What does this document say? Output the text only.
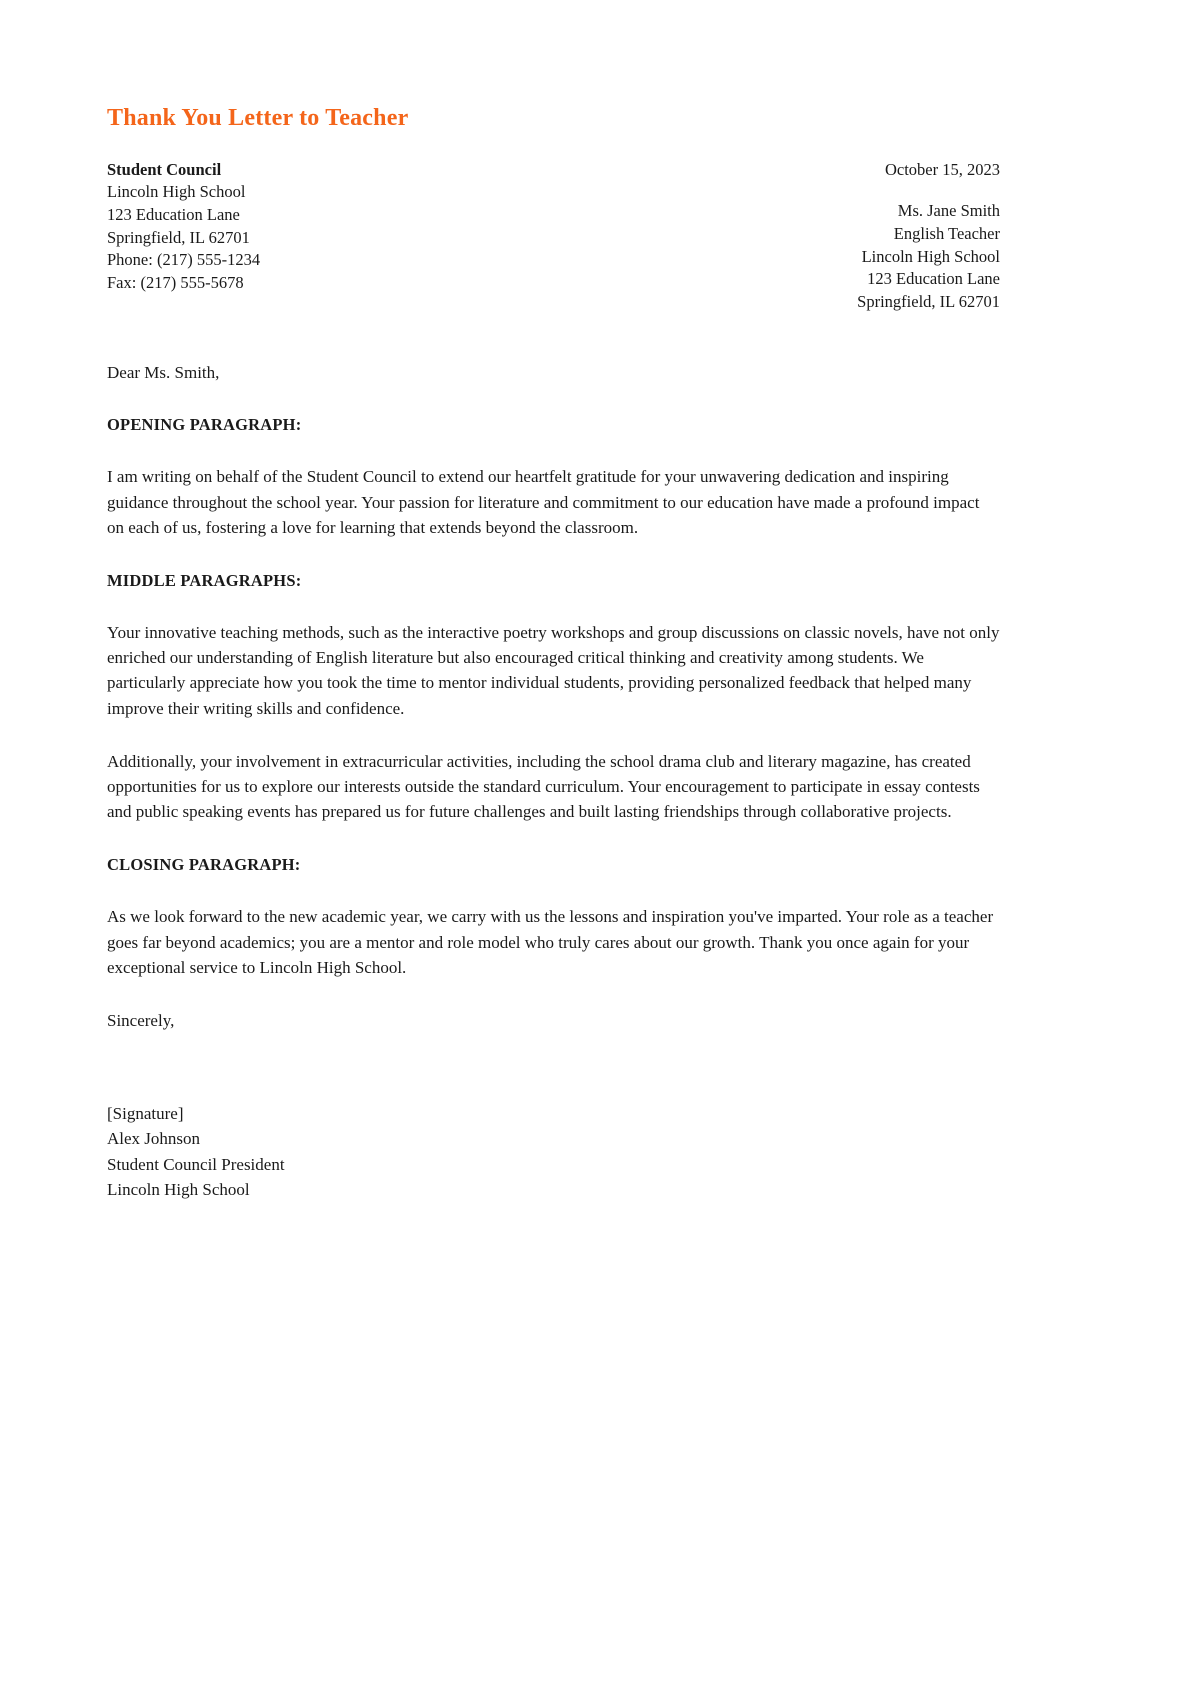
Thank You Letter to Teacher
Student Council
Lincoln High School
123 Education Lane
Springfield, IL 62701
Phone: (217) 555-1234
Fax: (217) 555-5678
October 15, 2023
Ms. Jane Smith
English Teacher
Lincoln High School
123 Education Lane
Springfield, IL 62701

Dear Ms. Smith,

OPENING PARAGRAPH:

I am writing on behalf of the Student Council to extend our heartfelt gratitude for your unwavering dedication and inspiring guidance throughout the school year. Your passion for literature and commitment to our education have made a profound impact on each of us, fostering a love for learning that extends beyond the classroom.

MIDDLE PARAGRAPHS:

Your innovative teaching methods, such as the interactive poetry workshops and group discussions on classic novels, have not only enriched our understanding of English literature but also encouraged critical thinking and creativity among students. We particularly appreciate how you took the time to mentor individual students, providing personalized feedback that helped many improve their writing skills and confidence.

Additionally, your involvement in extracurricular activities, including the school drama club and literary magazine, has created opportunities for us to explore our interests outside the standard curriculum. Your encouragement to participate in essay contests and public speaking events has prepared us for future challenges and built lasting friendships through collaborative projects.

CLOSING PARAGRAPH:

As we look forward to the new academic year, we carry with us the lessons and inspiration you've imparted. Your role as a teacher goes far beyond academics; you are a mentor and role model who truly cares about our growth. Thank you once again for your exceptional service to Lincoln High School.

Sincerely,

[Signature]
Alex Johnson
Student Council President
Lincoln High School
